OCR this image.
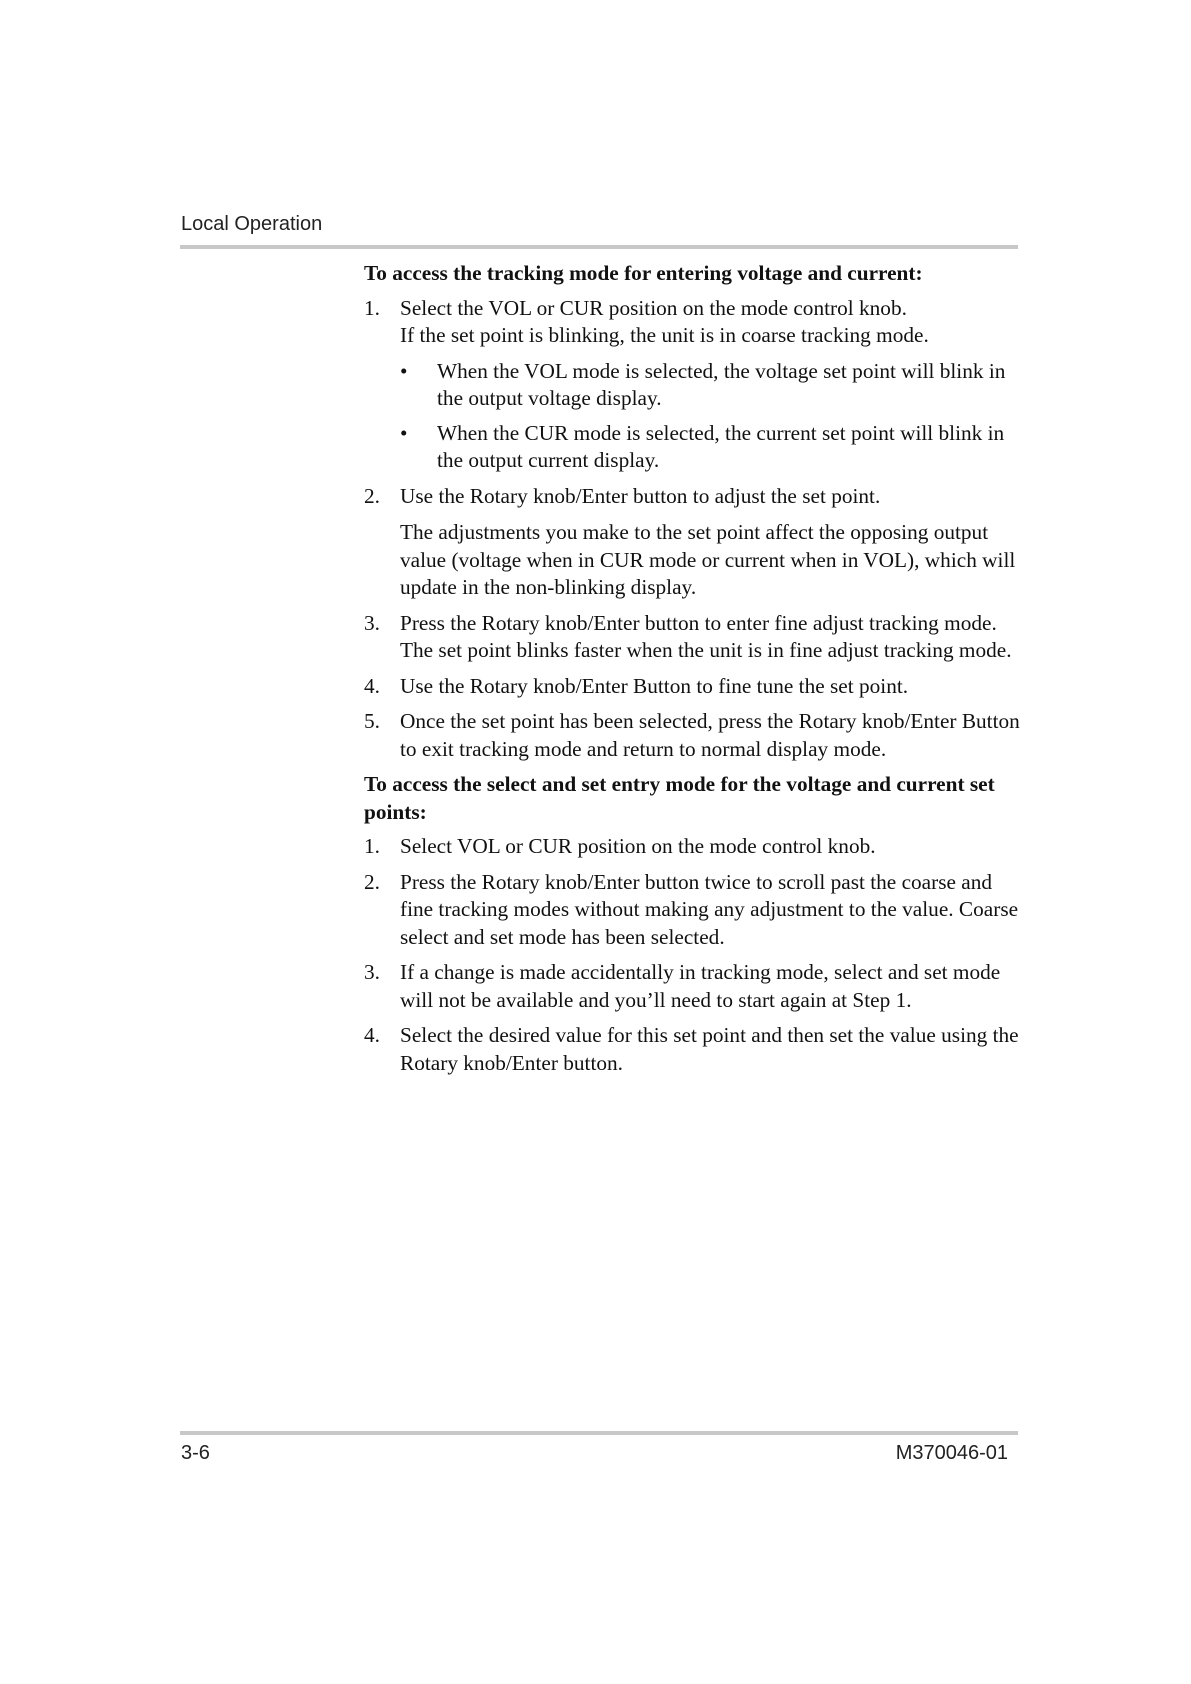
Local Operation

To access the tracking mode for entering voltage and current:

1. Select the VOL or CUR position on the mode control knob.
If the set point is blinking, the unit is in coarse tracking mode.
• When the VOL mode is selected, the voltage set point will blink in the output voltage display.
• When the CUR mode is selected, the current set point will blink in the output current display.
2. Use the Rotary knob/Enter button to adjust the set point.
The adjustments you make to the set point affect the opposing output value (voltage when in CUR mode or current when in VOL), which will update in the non-blinking display.
3. Press the Rotary knob/Enter button to enter fine adjust tracking mode. The set point blinks faster when the unit is in fine adjust tracking mode.
4. Use the Rotary knob/Enter Button to fine tune the set point.
5. Once the set point has been selected, press the Rotary knob/Enter Button to exit tracking mode and return to normal display mode.

To access the select and set entry mode for the voltage and current set points:

1. Select VOL or CUR position on the mode control knob.
2. Press the Rotary knob/Enter button twice to scroll past the coarse and fine tracking modes without making any adjustment to the value. Coarse select and set mode has been selected.
3. If a change is made accidentally in tracking mode, select and set mode will not be available and you’ll need to start again at Step 1.
4. Select the desired value for this set point and then set the value using the Rotary knob/Enter button.
3-6	M370046-01
